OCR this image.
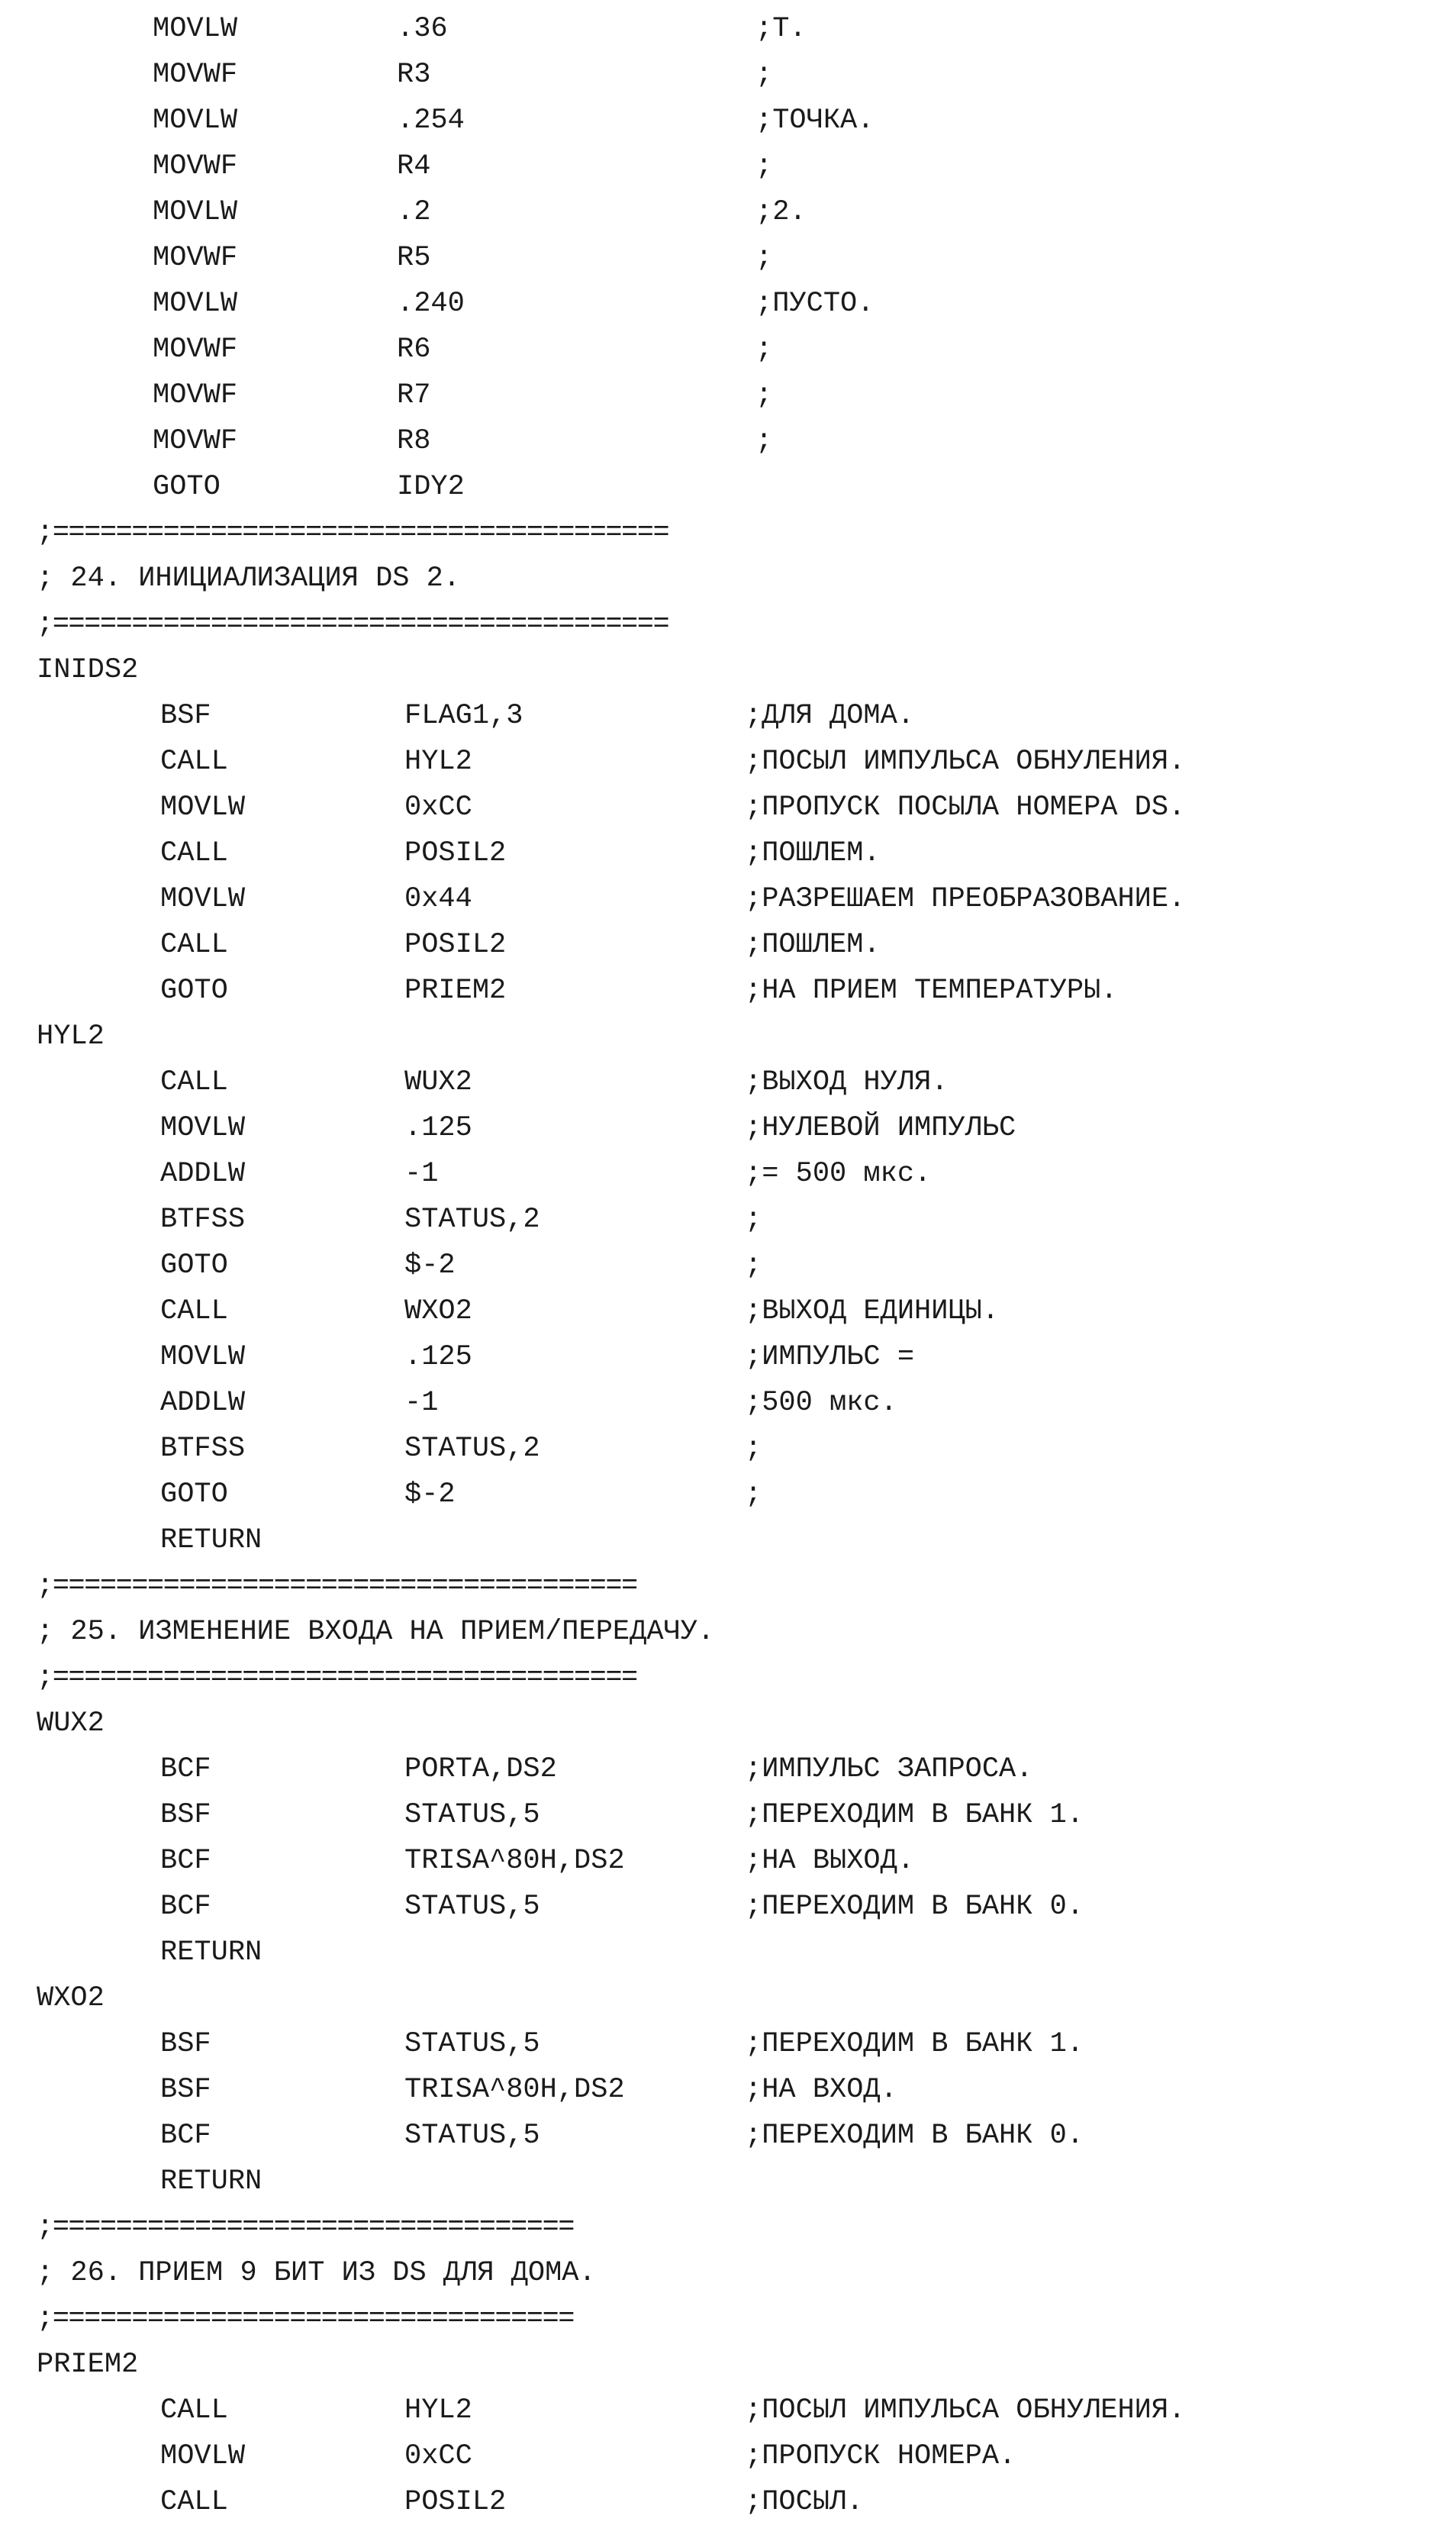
MOVLW	.36	;Т.
MOVWF	R3	;
MOVLW	.254	;ТОЧКА.
MOVWF	R4	;
MOVLW	.2	;2.
MOVWF	R5	;
MOVLW	.240	;ПУСТО.
MOVWF	R6	;
MOVWF	R7	;
MOVWF	R8	;
GOTO	IDY2
;=======================================
; 24. ИНИЦИАЛИЗАЦИЯ DS 2.
;=======================================
INIDS2
BSF	FLAG1,3	;ДЛЯ ДОМА.
CALL	HYL2	;ПОСЫЛ ИМПУЛЬСА ОБНУЛЕНИЯ.
MOVLW	0xCC	;ПРОПУСК ПОСЫЛА НОМЕРА DS.
CALL	POSIL2	;ПОШЛЕМ.
MOVLW	0x44	;РАЗРЕШАЕМ ПРЕОБРАЗОВАНИЕ.
CALL	POSIL2	;ПОШЛЕМ.
GOTO	PRIEM2	;НА ПРИЕМ ТЕМПЕРАТУРЫ.
HYL2
CALL	WUX2	;ВЫХОД НУЛЯ.
MOVLW	.125	;НУЛЕВОЙ ИМПУЛЬС
ADDLW	-1	;= 500 мкс.
BTFSS	STATUS,2	;
GOTO	$-2	;
CALL	WXO2	;ВЫХОД ЕДИНИЦЫ.
MOVLW	.125	;ИМПУЛЬС =
ADDLW	-1	;500 мкс.
BTFSS	STATUS,2	;
GOTO	$-2	;
RETURN
;=====================================
; 25. ИЗМЕНЕНИЕ ВХОДА НА ПРИЕМ/ПЕРЕДАЧУ.
;=====================================
WUX2
BCF	PORTA,DS2	;ИМПУЛЬС ЗАПРОСА.
BSF	STATUS,5	;ПЕРЕХОДИМ В БАНК 1.
BCF	TRISA^80H,DS2	;НА ВЫХОД.
BCF	STATUS,5	;ПЕРЕХОДИМ В БАНК 0.
RETURN
WXO2
BSF	STATUS,5	;ПЕРЕХОДИМ В БАНК 1.
BSF	TRISA^80H,DS2	;НА ВХОД.
BCF	STATUS,5	;ПЕРЕХОДИМ В БАНК 0.
RETURN
;=================================
; 26. ПРИЕМ 9 БИТ ИЗ DS ДЛЯ ДОМА.
;=================================
PRIEM2
CALL	HYL2	;ПОСЫЛ ИМПУЛЬСА ОБНУЛЕНИЯ.
MOVLW	0xCC	;ПРОПУСК НОМЕРА.
CALL	POSIL2	;ПОСЫЛ.
